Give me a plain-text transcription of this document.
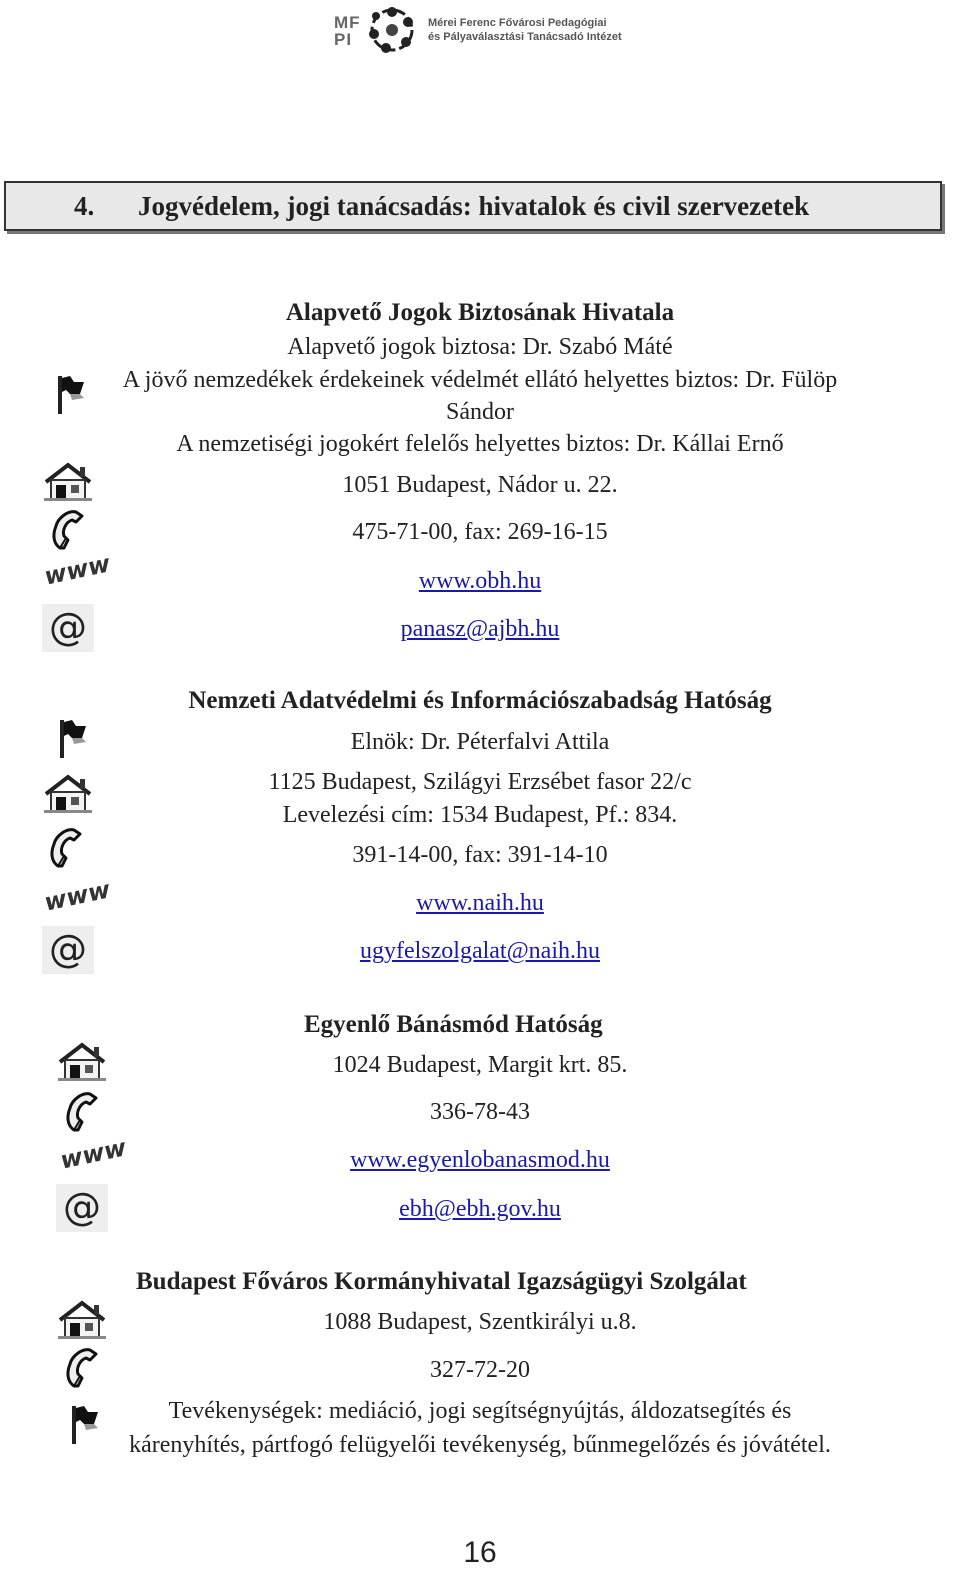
MF
PI
Mérei Ferenc Fővárosi Pedagógiai
és Pályaválasztási Tanácsadó Intézet
4. Jogvédelem, jogi tanácsadás: hivatalok és civil szervezetek
Alapvető Jogok Biztosának Hivatala
Alapvető jogok biztosa: Dr. Szabó Máté
A jövő nemzedékek érdekeinek védelmét ellátó helyettes biztos: Dr. Fülöp
Sándor
A nemzetiségi jogokért felelős helyettes biztos: Dr. Kállai Ernő
1051 Budapest, Nádor u. 22.
475-71-00, fax: 269-16-15
www.obh.hu
panasz@ajbh.hu
www
@
Nemzeti Adatvédelmi és Információszabadság Hatóság
Elnök: Dr. Péterfalvi Attila
1125 Budapest, Szilágyi Erzsébet fasor 22/c
Levelezési cím: 1534 Budapest, Pf.: 834.
391-14-00, fax: 391-14-10
www.naih.hu
ugyfelszolgalat@naih.hu
www
@
Egyenlő Bánásmód Hatóság
1024 Budapest, Margit krt. 85.
336-78-43
www.egyenlobanasmod.hu
ebh@ebh.gov.hu
www
@
Budapest Főváros Kormányhivatal Igazságügyi Szolgálat
1088 Budapest, Szentkirályi u.8.
327-72-20
Tevékenységek: mediáció, jogi segítségnyújtás, áldozatsegítés és
kárenyhítés, pártfogó felügyelői tevékenység, bűnmegelőzés és jóvátétel.
16
